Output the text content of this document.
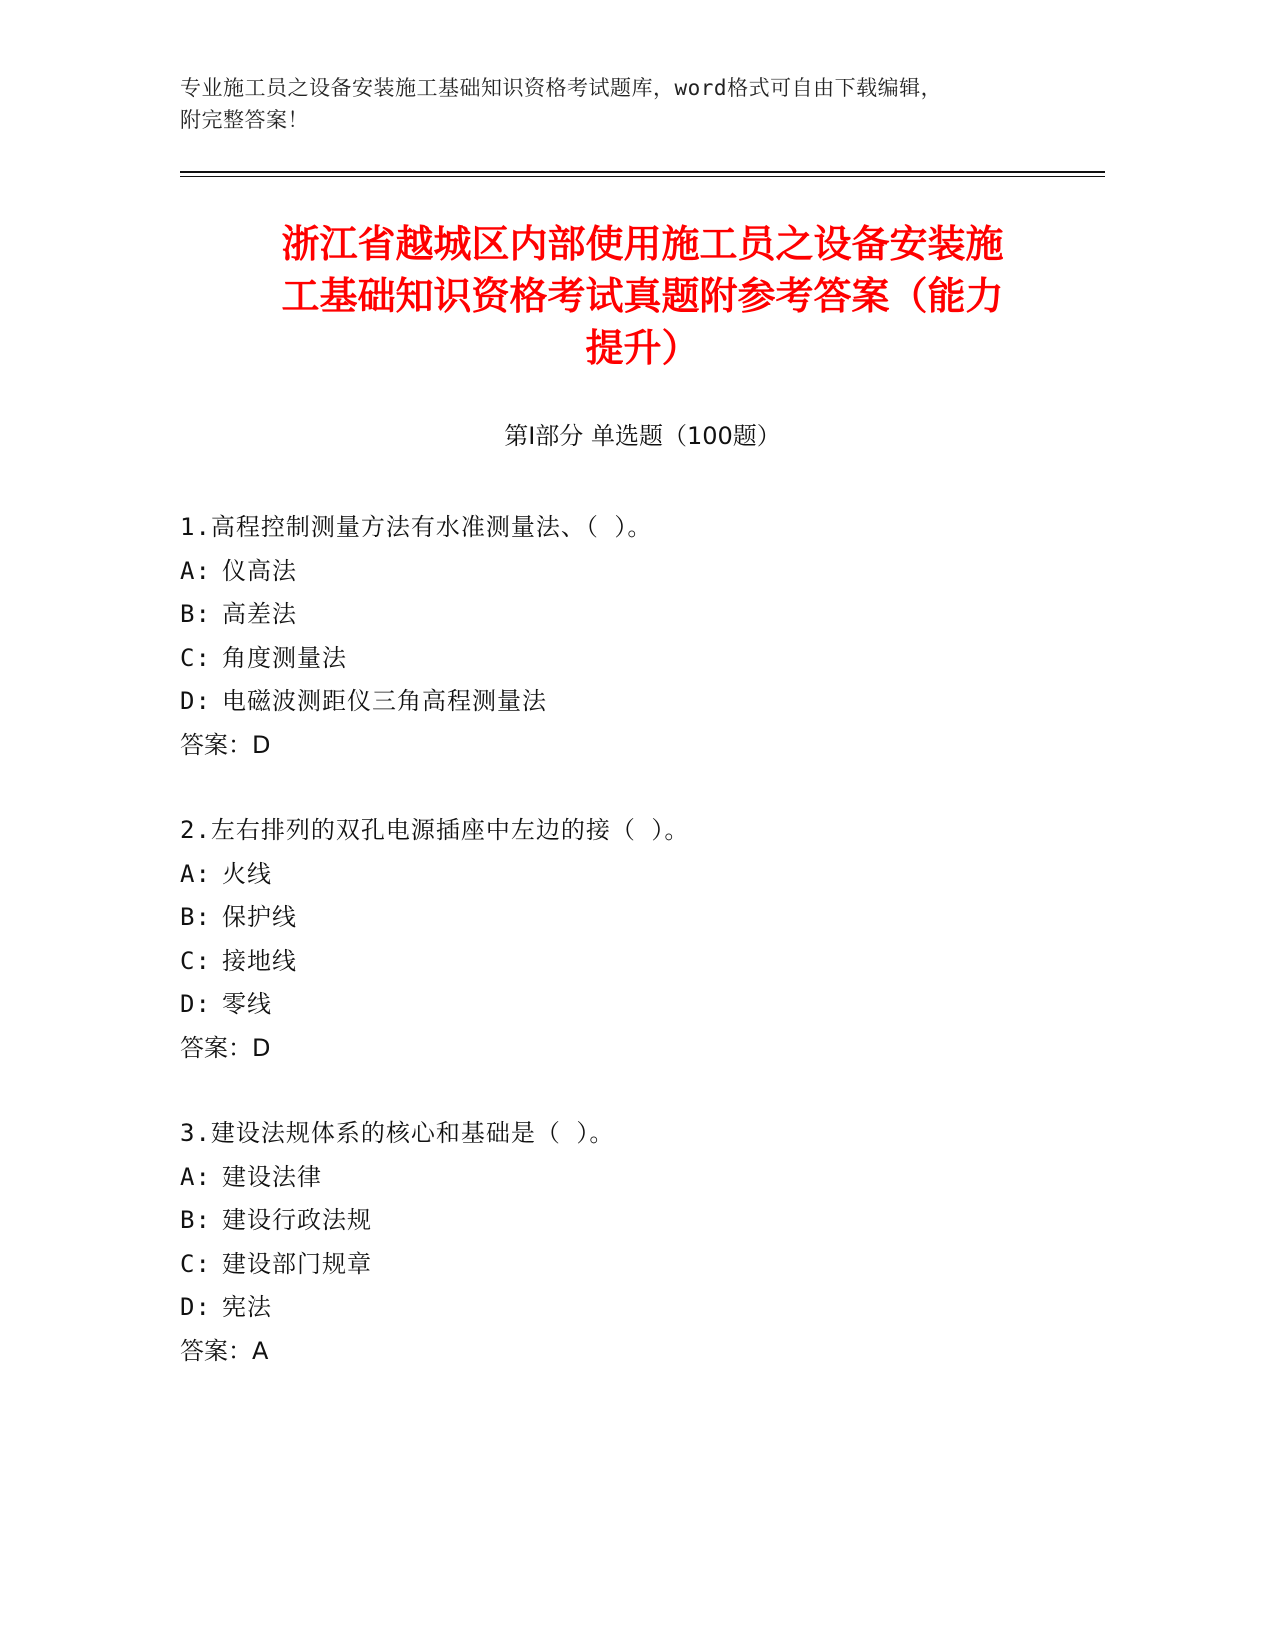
专业施工员之设备安装施工基础知识资格考试题库，word格式可自由下载编辑，
附完整答案！
浙江省越城区内部使用施工员之设备安装施
工基础知识资格考试真题附参考答案（能力
提升）
第Ⅰ部分 单选题（100题）
1.高程控制测量方法有水准测量法、（ ）。
A: 仪高法
B: 高差法
C: 角度测量法
D: 电磁波测距仪三角高程测量法
答案：D
2.左右排列的双孔电源插座中左边的接（ ）。
A: 火线
B: 保护线
C: 接地线
D: 零线
答案：D
3.建设法规体系的核心和基础是（ ）。
A: 建设法律
B: 建设行政法规
C: 建设部门规章
D: 宪法
答案：A
